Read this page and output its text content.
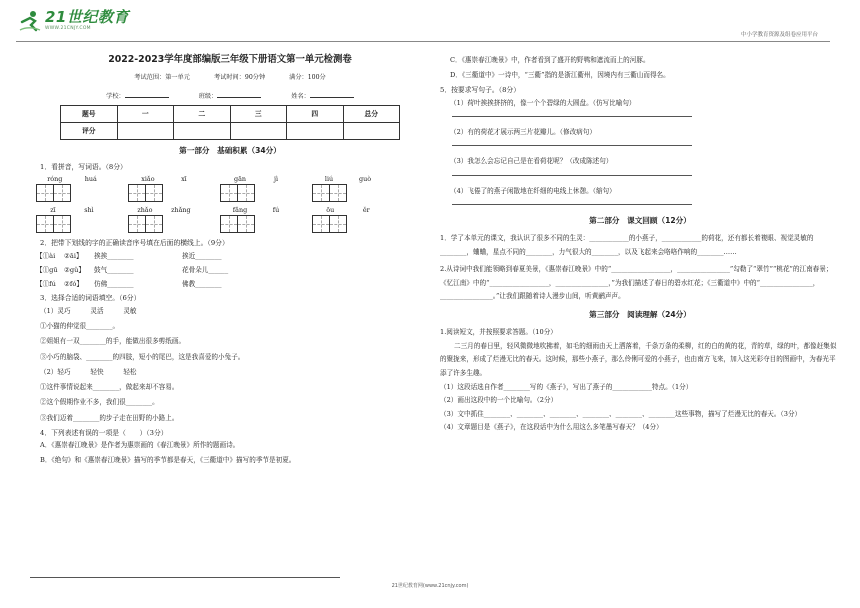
21世纪教育
WWW.21CNJY.COM
中小学教育资源及组卷应用平台
2022-2023学年度部编版三年级下册语文第一单元检测卷
考试范围：第一单元	考试时间：90分钟	满分：100分
学校：	班级：	姓名：
题号	一	二	三	四	总分
评分					
第一部分　基础积累（34分）
1．看拼音，写词语。（8分）
róng	huá	xiǎo	xī	gān	jì	liú	guò
zī	shì	zhǎo	zhǎng	fǎng	fú	ōu	ěr
2．把带下划线的字的正确读音序号填在后面的横线上。（9分）
【①ài	②āi】	挨挨________	挨近________
【①gū ②gǔ】	鼓气________	花骨朵儿______
【①fú	②fó】	仿佛________	佛教________
3．选择合适的词语填空。（6分）
（1）灵巧　　　灵活　　　灵敏
①小猫的伸觉很________。
②姐姐有一双________的手，能做出很多剪纸画。
③小巧的脑袋、________的四肢，短小的尾巴，这是我喜爱的小兔子。
（2）轻巧　　　轻快　　　轻松
①这件事情说起来________，做起来却不容易。
②这个假期作业不多，我们很________。
③我们迈着________的步子走在田野的小路上。
4．下列表述有误的一项是（　　）（3分）
A．《惠崇春江晚景》是作者为惠崇画的《春江晚景》所作的题画诗。
B．《绝句》和《惠崇春江晚景》描写的季节都是春天，《三衢道中》描写的季节是初夏。
C．《惠崇春江晚景》中，作者看到了盛开的野鸭和遮流而上的河豚。
D．《三衢道中》一诗中，“三衢”指的是浙江衢州，因境内有三衢山而得名。
5．按要求写句子。（8分）
（1）荷叶挨挨挤挤的，像一个个碧绿的大圆盘。（仿写比喻句）
（2）有的荷花才展示两三片花瓣儿。（修改病句）
（3）我怎么会忘记自己是在看荷花呢？（改成陈述句）
（4）飞倦了的燕子闲散地在纤细的电线上休憩。（缩句）
第二部分　课文回顾（12分）
1．学了本单元的课文，我认识了很多不同的生灵：____________的小燕子，____________的荷花，还有都长着複眼、视觉灵敏的________，蛐蛐，星点不同的________，力气很大的________，以及飞起来会咯咯作响的________……
2.从诗词中我们能领略到春夏美景，《惠崇春江晚景》中的“__________________，________________”勾勒了“翠竹”“桃花”的江南春景；《忆江南》中的“__________________，________________，”为我们描述了春日的碧水红花；《三衢道中》中的“________________，________________。”让我们跟随着诗人漫步山间，听黄鹂声声。
第三部分　阅读理解（24分）
1.阅读短文，并按照要求答题。（10分）
二三月的春日里，轻风微微地吹拂着，如毛的细雨由天上洒落着，千条万条的柔柳，红的白的黄的花，青的草，绿的叶，都像赶集似的聚拢来，形成了烂漫无比的春天。这时候，那些小燕子，那么伶俐可爱的小燕子，也由南方飞来，加入这光彩夺目的图画中，为春光平添了许多生趣。
（1）这段话选自作者________写的《燕子》，写出了燕子的____________特点。（1分）
（2）画出这段中的一个比喻句。（2分）
（3）文中抓住________、________、________、________、________、________这些事物，描写了烂漫无比的春天。（3分）
（4）文章题目是《燕子》，在这段话中为什么用这么多笔墨写春天？（4分）
21世纪教育网(www.21cnjy.com)
